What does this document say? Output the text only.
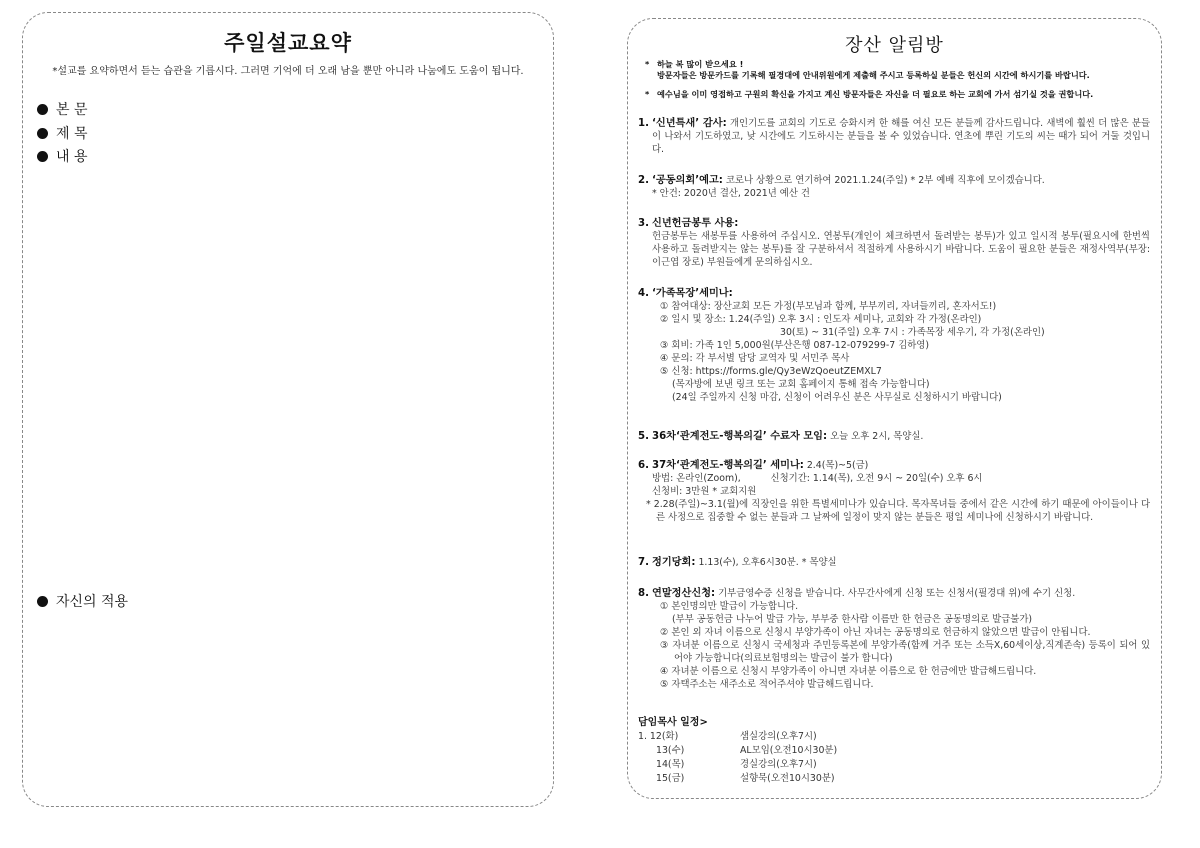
주일설교요약
*설교를 요약하면서 듣는 습관을 기릅시다. 그러면 기억에 더 오래 남을 뿐만 아니라 나눔에도 도움이 됩니다.
본 문
제 목
내 용
자신의 적용
장산 알림방
* 하늘 복 많이 받으세요 !
방문자들은 방문카드를 기록해 필경대에 안내위원에게 제출해 주시고 등록하실 분들은 헌신의 시간에 하시기를 바랍니다.
* 예수님을 이미 영접하고 구원의 확신을 가지고 계신 방문자들은 자신을 더 필요로 하는 교회에 가서 섬기실 것을 권합니다.
1. ‘신년특새’ 감사: 개인기도를 교회의 기도로 승화시켜 한 해를 여신 모든 분들께 감사드립니다. 새벽에 훨씬 더 많은 분들이 나와서 기도하였고, 낮 시간에도 기도하시는 분들을 볼 수 있었습니다. 연초에 뿌린 기도의 씨는 때가 되어 거둘 것입니다.
2. ‘공동의회’예고: 코로나 상황으로 연기하여 2021.1.24(주일) * 2부 예배 직후에 모이겠습니다.
* 안건: 2020년 결산, 2021년 예산 건
3. 신년헌금봉투 사용:
헌금봉투는 새봉투를 사용하여 주십시오. 연봉투(개인이 체크하면서 돌려받는 봉투)가 있고 일시적 봉투(필요시에 한번씩 사용하고 돌려받지는 않는 봉투)를 잘 구분하셔서 적절하게 사용하시기 바랍니다. 도움이 필요한 분들은 재정사역부(부장: 이근엽 장로) 부원들에게 문의하십시오.
4. ‘가족목장’세미나:
① 참여대상: 장산교회 모든 가정(부모님과 함께, 부부끼리, 자녀들끼리, 혼자서도!)
② 일시 및 장소: 1.24(주일) 오후 3시 : 인도자 세미나, 교회와 각 가정(온라인)
30(토) ~ 31(주일) 오후 7시 : 가족목장 세우기, 각 가정(온라인)
③ 회비: 가족 1인 5,000원(부산은행 087-12-079299-7 김하영)
④ 문의: 각 부서별 담당 교역자 및 서민주 목사
⑤ 신청: https://forms.gle/Qy3eWzQoeutZEMXL7
(목자방에 보낸 링크 또는 교회 홈페이지 통해 접속 가능합니다)
(24일 주일까지 신청 마감, 신청이 어려우신 분은 사무실로 신청하시기 바랍니다)
5. 36차‘관계전도-행복의길’ 수료자 모임: 오늘 오후 2시, 목양실.
6. 37차‘관계전도-행복의길’ 세미나: 2.4(목)~5(금)
방법: 온라인(Zoom),          신청기간: 1.14(목), 오전 9시 ~ 20일(수) 오후 6시
신청비: 3만원 * 교회지원
* 2.28(주일)~3.1(월)에 직장인을 위한 특별세미나가 있습니다. 목자목녀들 중에서 같은 시간에 하기 때문에 아이들이나 다른 사정으로 집중할 수 없는 분들과 그 날짜에 일정이 맞지 않는 분들은 평일 세미나에 신청하시기 바랍니다.
7. 정기당회: 1.13(수), 오후6시30분. * 목양실
8. 연말정산신청: 기부금영수증 신청을 받습니다. 사무간사에게 신청 또는 신청서(필경대 위)에 수기 신청.
① 본인명의만 발급이 가능합니다.
(부부 공동헌금 나누어 발급 가능, 부부중 한사람 이름만 한 헌금은 공동명의로 발급불가)
② 본인 외 자녀 이름으로 신청시 부양가족이 아닌 자녀는 공동명의로 헌금하지 않았으면 발급이 안됩니다.
③ 자녀분 이름으로 신청시 국세청과 주민등록본에 부양가족(함께 거주 또는 소득X,60세이상,직계존속) 등록이 되어 있어야 가능합니다(의료보험명의는 발급이 불가 합니다)
④ 자녀분 이름으로 신청시 부양가족이 아니면 자녀분 이름으로 한 헌금에만 발급해드립니다.
⑤ 자택주소는 새주소로 적어주셔야 발급해드립니다.
담임목사 일정>
1. 12(화)	샘실강의(오후7시)
13(수)	AL모임(오전10시30분)
14(목)	경실강의(오후7시)
15(금)	설향묵(오전10시30분)
